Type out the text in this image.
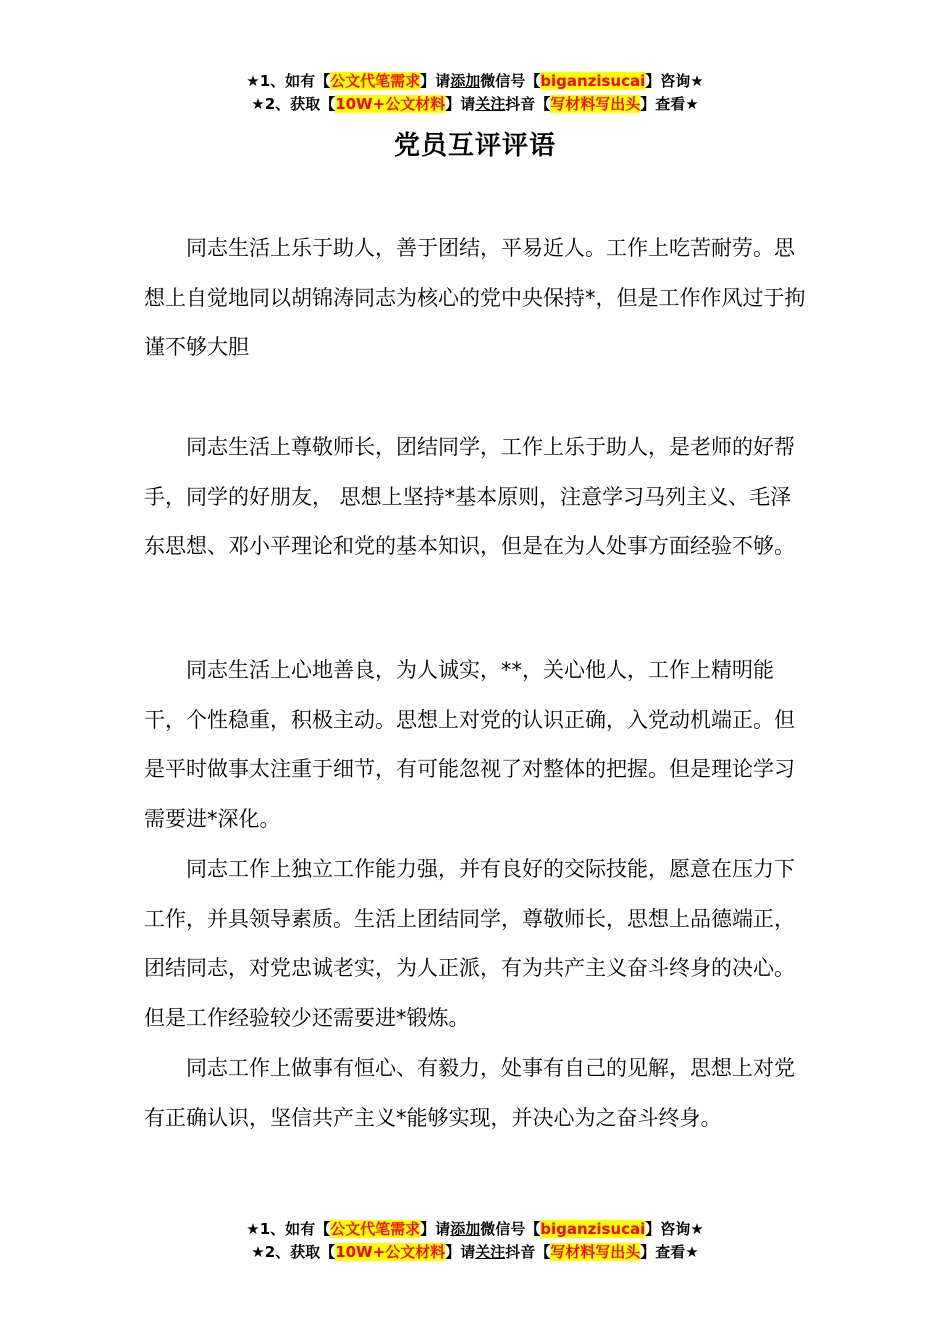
★1、如有【公文代笔需求】请添加微信号【biganzisucai】咨询★
★2、获取【10W+公文材料】请关注抖音【写材料写出头】查看★
党员互评评语

同志生活上乐于助人，善于团结，平易近人。工作上吃苦耐劳。思想上自觉地同以胡锦涛同志为核心的党中央保持*，但是工作作风过于拘谨不够大胆

同志生活上尊敬师长，团结同学，工作上乐于助人，是老师的好帮手，同学的好朋友， 思想上坚持*基本原则，注意学习马列主义、毛泽东思想、邓小平理论和党的基本知识，但是在为人处事方面经验不够。

同志生活上心地善良，为人诚实，**，关心他人，工作上精明能干，个性稳重，积极主动。思想上对党的认识正确，入党动机端正。但是平时做事太注重于细节，有可能忽视了对整体的把握。但是理论学习需要进*深化。

同志工作上独立工作能力强，并有良好的交际技能，愿意在压力下工作，并具领导素质。生活上团结同学，尊敬师长，思想上品德端正，团结同志，对党忠诚老实，为人正派，有为共产主义奋斗终身的决心。但是工作经验较少还需要进*锻炼。

同志工作上做事有恒心、有毅力，处事有自己的见解，思想上对党有正确认识，坚信共产主义*能够实现，并决心为之奋斗终身。

★1、如有【公文代笔需求】请添加微信号【biganzisucai】咨询★
★2、获取【10W+公文材料】请关注抖音【写材料写出头】查看★
